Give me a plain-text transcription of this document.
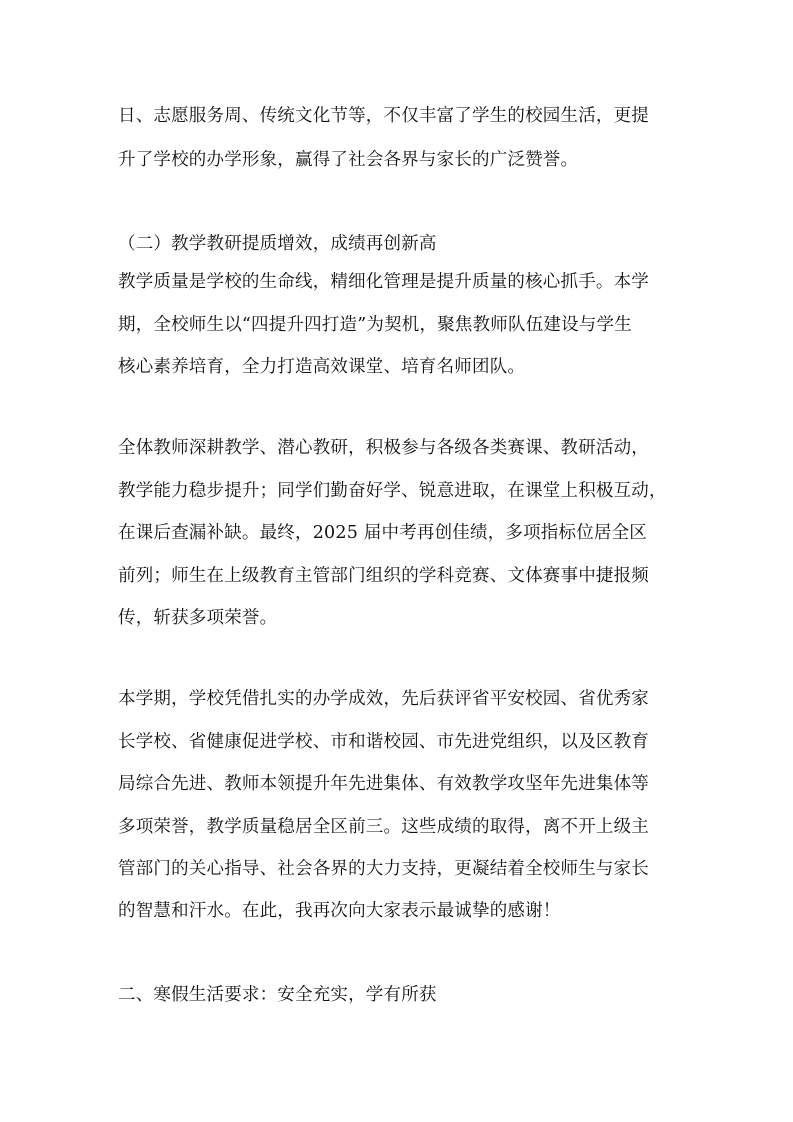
日、志愿服务周、传统文化节等，不仅丰富了学生的校园生活，更提
升了学校的办学形象，赢得了社会各界与家长的广泛赞誉。
（二）教学教研提质增效，成绩再创新高
教学质量是学校的生命线，精细化管理是提升质量的核心抓手。本学
期，全校师生以“四提升四打造”为契机，聚焦教师队伍建设与学生
核心素养培育，全力打造高效课堂、培育名师团队。
全体教师深耕教学、潜心教研，积极参与各级各类赛课、教研活动，
教学能力稳步提升；同学们勤奋好学、锐意进取，在课堂上积极互动，
在课后查漏补缺。最终，2025 届中考再创佳绩，多项指标位居全区
前列；师生在上级教育主管部门组织的学科竞赛、文体赛事中捷报频
传，斩获多项荣誉。
本学期，学校凭借扎实的办学成效，先后获评省平安校园、省优秀家
长学校、省健康促进学校、市和谐校园、市先进党组织，以及区教育
局综合先进、教师本领提升年先进集体、有效教学攻坚年先进集体等
多项荣誉，教学质量稳居全区前三。这些成绩的取得，离不开上级主
管部门的关心指导、社会各界的大力支持，更凝结着全校师生与家长
的智慧和汗水。在此，我再次向大家表示最诚挚的感谢！
二、寒假生活要求：安全充实，学有所获
